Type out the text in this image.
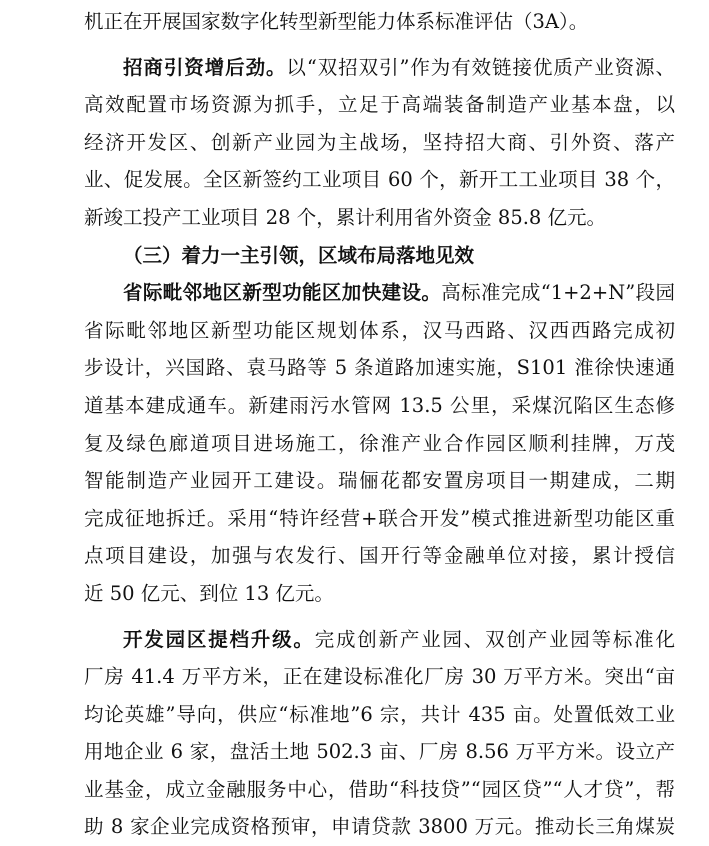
机正在开展国家数字化转型新型能力体系标准评估（3A）。
招商引资增后劲。以“双招双引”作为有效链接优质产业资源、
高效配置市场资源为抓手，立足于高端装备制造产业基本盘，以
经济开发区、创新产业园为主战场，坚持招大商、引外资、落产
业、促发展。全区新签约工业项目 60 个，新开工工业项目 38 个，
新竣工投产工业项目 28 个，累计利用省外资金 85.8 亿元。
（三）着力一主引领，区域布局落地见效
省际毗邻地区新型功能区加快建设。高标准完成“1+2+N”段园
省际毗邻地区新型功能区规划体系，汉马西路、汉西西路完成初
步设计，兴国路、袁马路等 5 条道路加速实施，S101 淮徐快速通
道基本建成通车。新建雨污水管网 13.5 公里，采煤沉陷区生态修
复及绿色廊道项目进场施工，徐淮产业合作园区顺利挂牌，万茂
智能制造产业园开工建设。瑞俪花都安置房项目一期建成，二期
完成征地拆迁。采用“特许经营+联合开发”模式推进新型功能区重
点项目建设，加强与农发行、国开行等金融单位对接，累计授信
近 50 亿元、到位 13 亿元。
开发园区提档升级。完成创新产业园、双创产业园等标准化
厂房 41.4 万平方米，正在建设标准化厂房 30 万平方米。突出“亩
均论英雄”导向，供应“标准地”6 宗，共计 435 亩。处置低效工业
用地企业 6 家，盘活土地 502.3 亩、厂房 8.56 万平方米。设立产
业基金，成立金融服务中心，借助“科技贷”“园区贷”“人才贷”，帮
助 8 家企业完成资格预审，申请贷款 3800 万元。推动长三角煤炭
